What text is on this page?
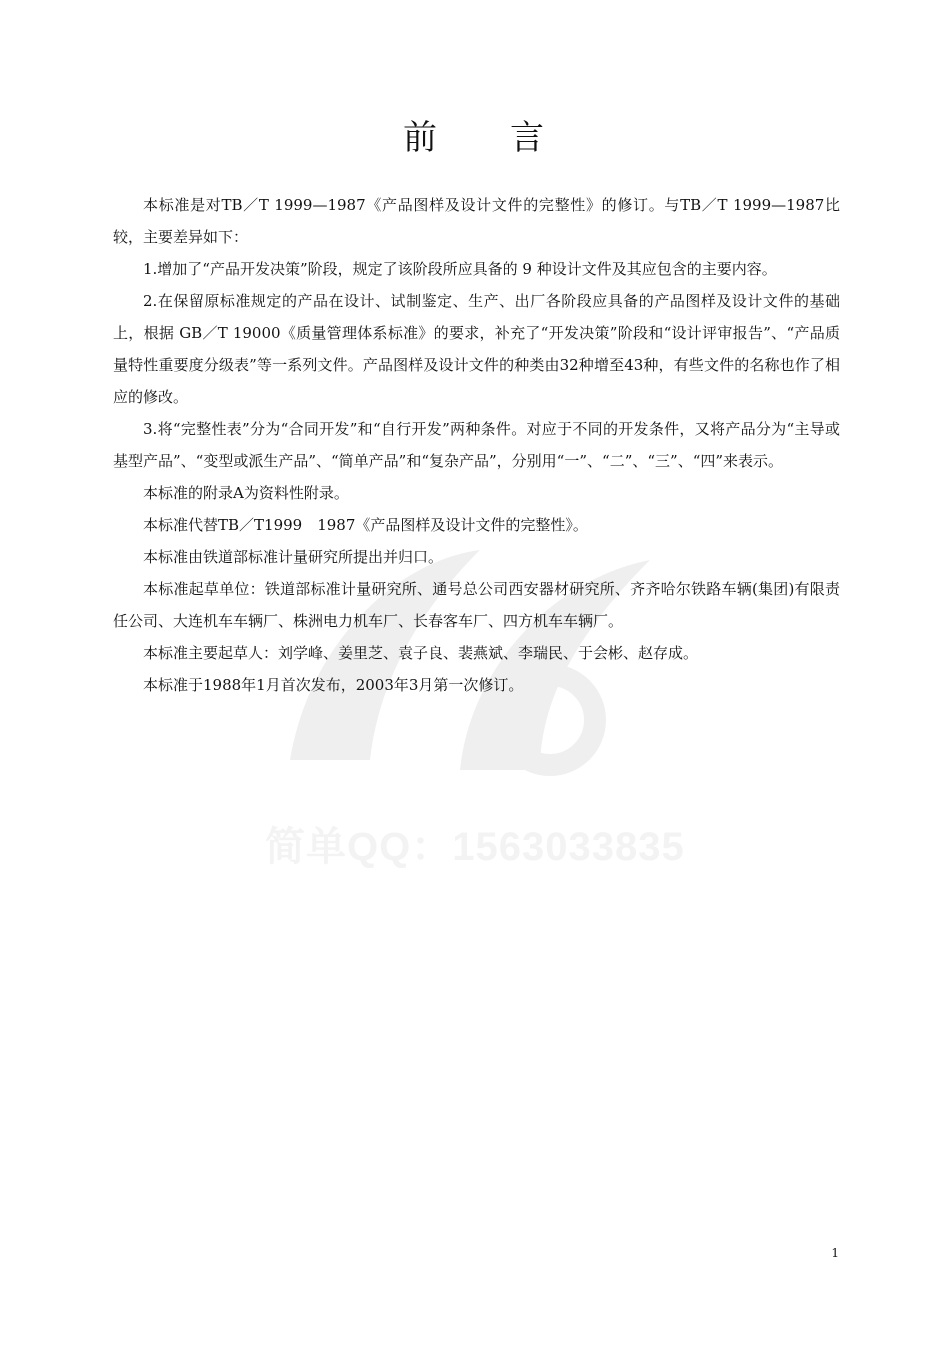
简单QQ：1563033835
前 言

本标准是对TB／T 1999—1987《产品图样及设计文件的完整性》的修订。与TB／T 1999—1987比较，主要差异如下：

1.增加了“产品开发决策”阶段，规定了该阶段所应具备的 9 种设计文件及其应包含的主要内容。

2.在保留原标准规定的产品在设计、试制鉴定、生产、出厂各阶段应具备的产品图样及设计文件的基础上，根据 GB／T 19000《质量管理体系标准》的要求，补充了“开发决策”阶段和“设计评审报告”、“产品质量特性重要度分级表”等一系列文件。产品图样及设计文件的种类由32种增至43种，有些文件的名称也作了相应的修改。

3.将“完整性表”分为“合同开发”和“自行开发”两种条件。对应于不同的开发条件，又将产品分为“主导或基型产品”、“变型或派生产品”、“简单产品”和“复杂产品”，分别用“一”、“二”、“三”、“四”来表示。

本标准的附录A为资料性附录。

本标准代替TB／T1999　1987《产品图样及设计文件的完整性》。

本标准由铁道部标准计量研究所提出并归口。

本标准起草单位：铁道部标准计量研究所、通号总公司西安器材研究所、齐齐哈尔铁路车辆(集团)有限责任公司、大连机车车辆厂、株洲电力机车厂、长春客车厂、四方机车车辆厂。

本标准主要起草人：刘学峰、姜里芝、袁子良、裴燕斌、李瑞民、于会彬、赵存成。

本标准于1988年1月首次发布，2003年3月第一次修订。

1
